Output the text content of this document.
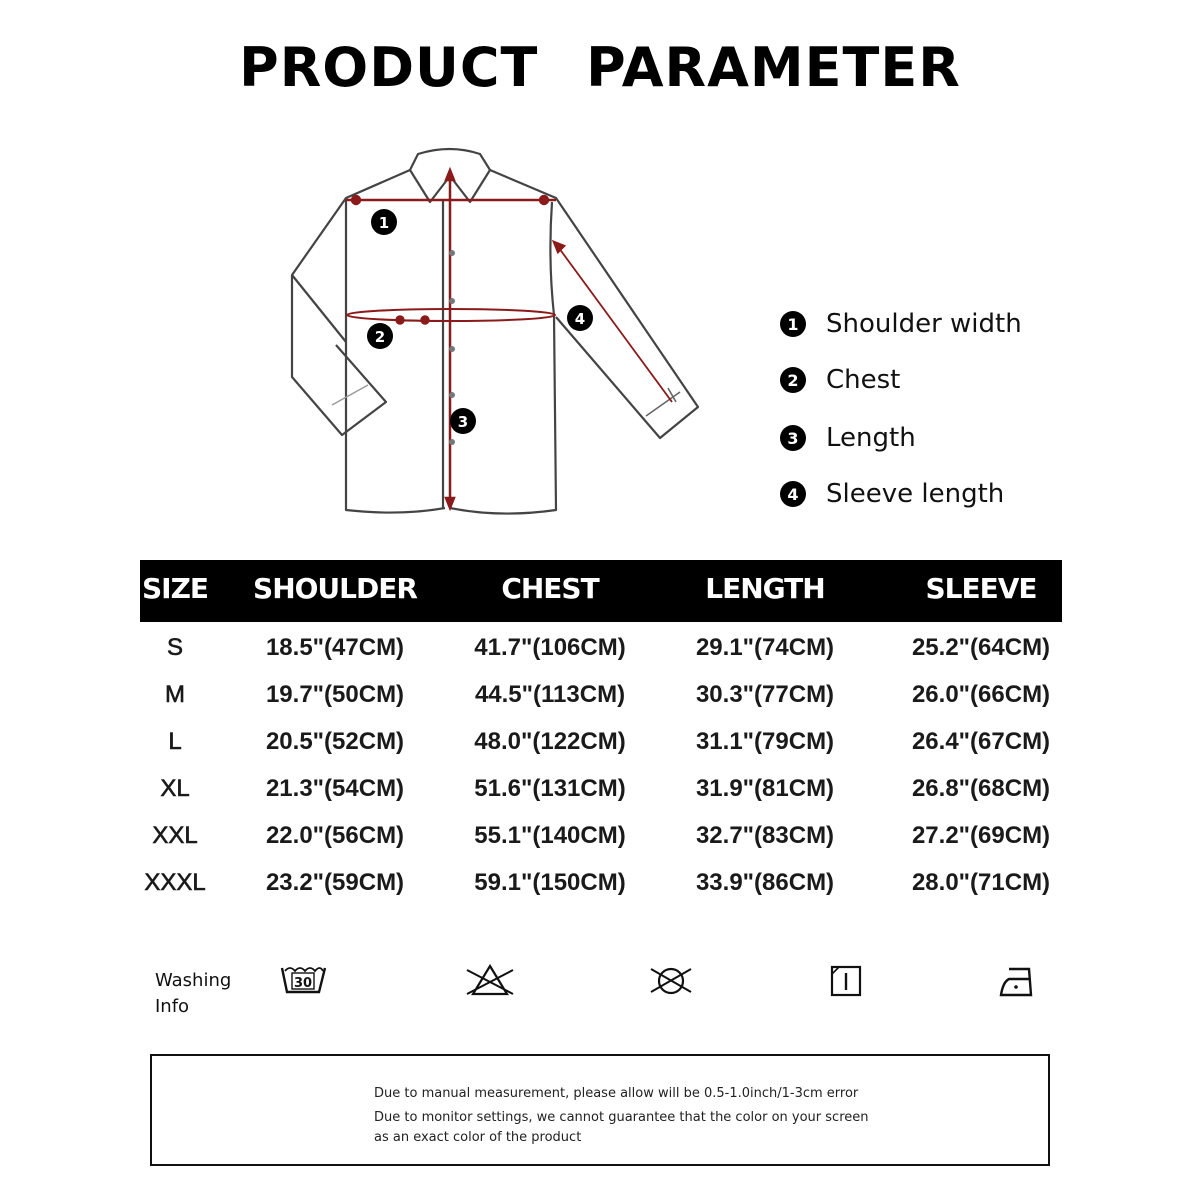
PRODUCT PARAMETER
1
2
3
4	1 Shoulder width
2 Chest
3 Length
4 Sleeve length
SIZE SHOULDER	CHEST	LENGTH	SLEEVE
S	18.5"(47CM)	41.7"(106CM)	29.1"(74CM)	25.2"(64CM)
M	19.7"(50CM)	44.5"(113CM)	30.3"(77CM)	26.0"(66CM)
L	20.5"(52CM)	48.0"(122CM)	31.1"(79CM)	26.4"(67CM)
XL	21.3"(54CM)	51.6"(131CM)	31.9"(81CM)	26.8"(68CM)
XXL	22.0"(56CM)	55.1"(140CM)	32.7"(83CM)	27.2"(69CM)
XXXL	23.2"(59CM)	59.1"(150CM)	33.9"(86CM)	28.0"(71CM)
Washing
Info
30
Due to manual measurement, please allow will be 0.5-1.0inch/1-3cm error
Due to monitor settings, we cannot guarantee that the color on your screen
as an exact color of the product
